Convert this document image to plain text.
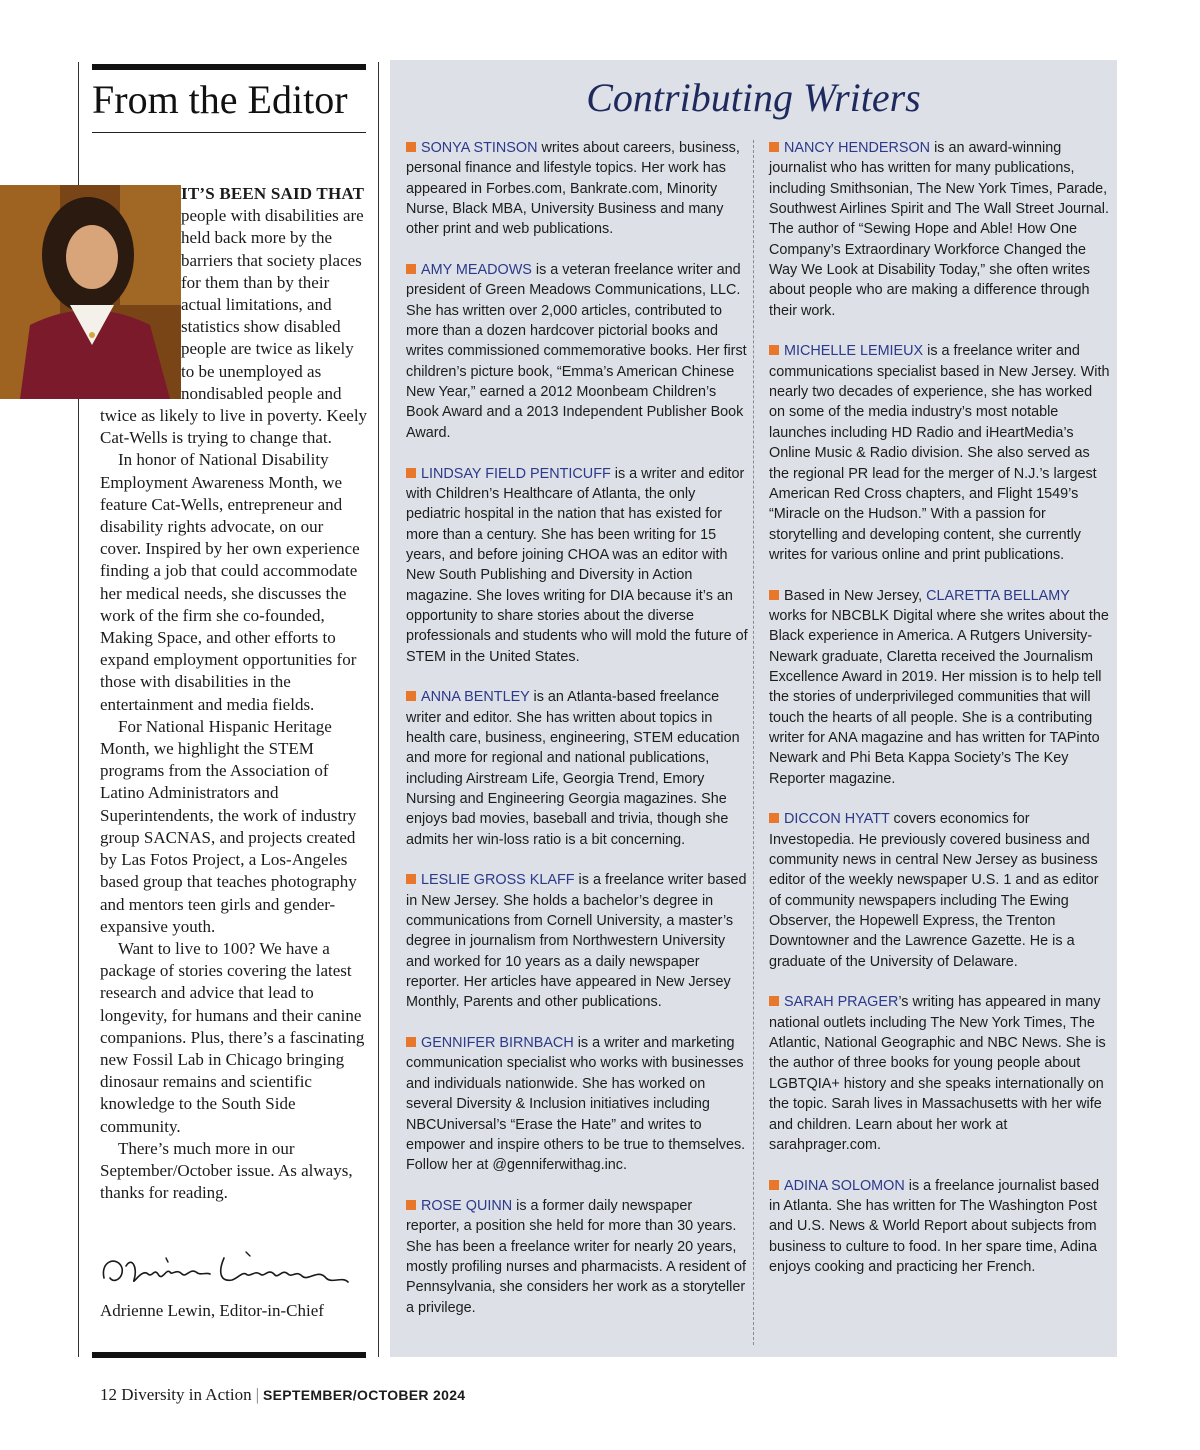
From the Editor

IT’S BEEN SAID THAT people with disabilities are held back more by the barriers that society places for them than by their actual limitations, and statistics show disabled people are twice as likely to be unemployed as nondisabled people and twice as likely to live in poverty. Keely Cat-Wells is trying to change that.

In honor of National Disability Employment Awareness Month, we feature Cat-Wells, entrepreneur and disability rights advocate, on our cover. Inspired by her own experience finding a job that could accommodate her medical needs, she discusses the work of the firm she co-founded, Making Space, and other efforts to expand employment opportunities for those with disabilities in the entertainment and media fields.

For National Hispanic Heritage Month, we highlight the STEM programs from the Association of Latino Administrators and Superintendents, the work of industry group SACNAS, and projects created by Las Fotos Project, a Los-Angeles based group that teaches photography and mentors teen girls and gender-expansive youth.

Want to live to 100? We have a package of stories covering the latest research and advice that lead to longevity, for humans and their canine companions. Plus, there’s a fascinating new Fossil Lab in Chicago bringing dinosaur remains and scientific knowledge to the South Side community.

There’s much more in our September/October issue. As always, thanks for reading.

Adrienne Lewin, Editor-in-Chief
Contributing Writers

SONYA STINSON writes about careers, business, personal finance and lifestyle topics. Her work has appeared in Forbes.com, Bankrate.com, Minority Nurse, Black MBA, University Business and many other print and web publications.

AMY MEADOWS is a veteran freelance writer and president of Green Meadows Communications, LLC. She has written over 2,000 articles, contributed to more than a dozen hardcover pictorial books and writes commissioned commemorative books. Her first children’s picture book, “Emma’s American Chinese New Year,” earned a 2012 Moonbeam Children’s Book Award and a 2013 Independent Publisher Book Award.

LINDSAY FIELD PENTICUFF is a writer and editor with Children’s Healthcare of Atlanta, the only pediatric hospital in the nation that has existed for more than a century. She has been writing for 15 years, and before joining CHOA was an editor with New South Publishing and Diversity in Action magazine. She loves writing for DIA because it’s an opportunity to share stories about the diverse professionals and students who will mold the future of STEM in the United States.

ANNA BENTLEY is an Atlanta-based freelance writer and editor. She has written about topics in health care, business, engineering, STEM education and more for regional and national publications, including Airstream Life, Georgia Trend, Emory Nursing and Engineering Georgia magazines. She enjoys bad movies, baseball and trivia, though she admits her win-loss ratio is a bit concerning.

LESLIE GROSS KLAFF is a freelance writer based in New Jersey. She holds a bachelor’s degree in communications from Cornell University, a master’s degree in journalism from Northwestern University and worked for 10 years as a daily newspaper reporter. Her articles have appeared in New Jersey Monthly, Parents and other publications.

GENNIFER BIRNBACH is a writer and marketing communication specialist who works with businesses and individuals nationwide. She has worked on several Diversity & Inclusion initiatives including NBCUniversal’s “Erase the Hate” and writes to empower and inspire others to be true to themselves. Follow her at @genniferwithag.inc.

ROSE QUINN is a former daily newspaper reporter, a position she held for more than 30 years. She has been a freelance writer for nearly 20 years, mostly profiling nurses and pharmacists. A resident of Pennsylvania, she considers her work as a storyteller a privilege.

NANCY HENDERSON is an award-winning journalist who has written for many publications, including Smithsonian, The New York Times, Parade, Southwest Airlines Spirit and The Wall Street Journal. The author of “Sewing Hope and Able! How One Company’s Extraordinary Workforce Changed the Way We Look at Disability Today,” she often writes about people who are making a difference through their work.

MICHELLE LEMIEUX is a freelance writer and communications specialist based in New Jersey. With nearly two decades of experience, she has worked on some of the media industry’s most notable launches including HD Radio and iHeartMedia’s Online Music & Radio division. She also served as the regional PR lead for the merger of N.J.’s largest American Red Cross chapters, and Flight 1549’s “Miracle on the Hudson.” With a passion for storytelling and developing content, she currently writes for various online and print publications.

Based in New Jersey, CLARETTA BELLAMY works for NBCBLK Digital where she writes about the Black experience in America. A Rutgers University-Newark graduate, Claretta received the Journalism Excellence Award in 2019. Her mission is to help tell the stories of underprivileged communities that will touch the hearts of all people. She is a contributing writer for ANA magazine and has written for TAPinto Newark and Phi Beta Kappa Society’s The Key Reporter magazine.

DICCON HYATT covers economics for Investopedia. He previously covered business and community news in central New Jersey as business editor of the weekly newspaper U.S. 1 and as editor of community newspapers including The Ewing Observer, the Hopewell Express, the Trenton Downtowner and the Lawrence Gazette. He is a graduate of the University of Delaware.

SARAH PRAGER’s writing has appeared in many national outlets including The New York Times, The Atlantic, National Geographic and NBC News. She is the author of three books for young people about LGBTQIA+ history and she speaks internationally on the topic. Sarah lives in Massachusetts with her wife and children. Learn about her work at sarahprager.com.

ADINA SOLOMON is a freelance journalist based in Atlanta. She has written for The Washington Post and U.S. News & World Report about subjects from business to culture to food. In her spare time, Adina enjoys cooking and practicing her French.

12 Diversity in Action | SEPTEMBER/OCTOBER 2024
